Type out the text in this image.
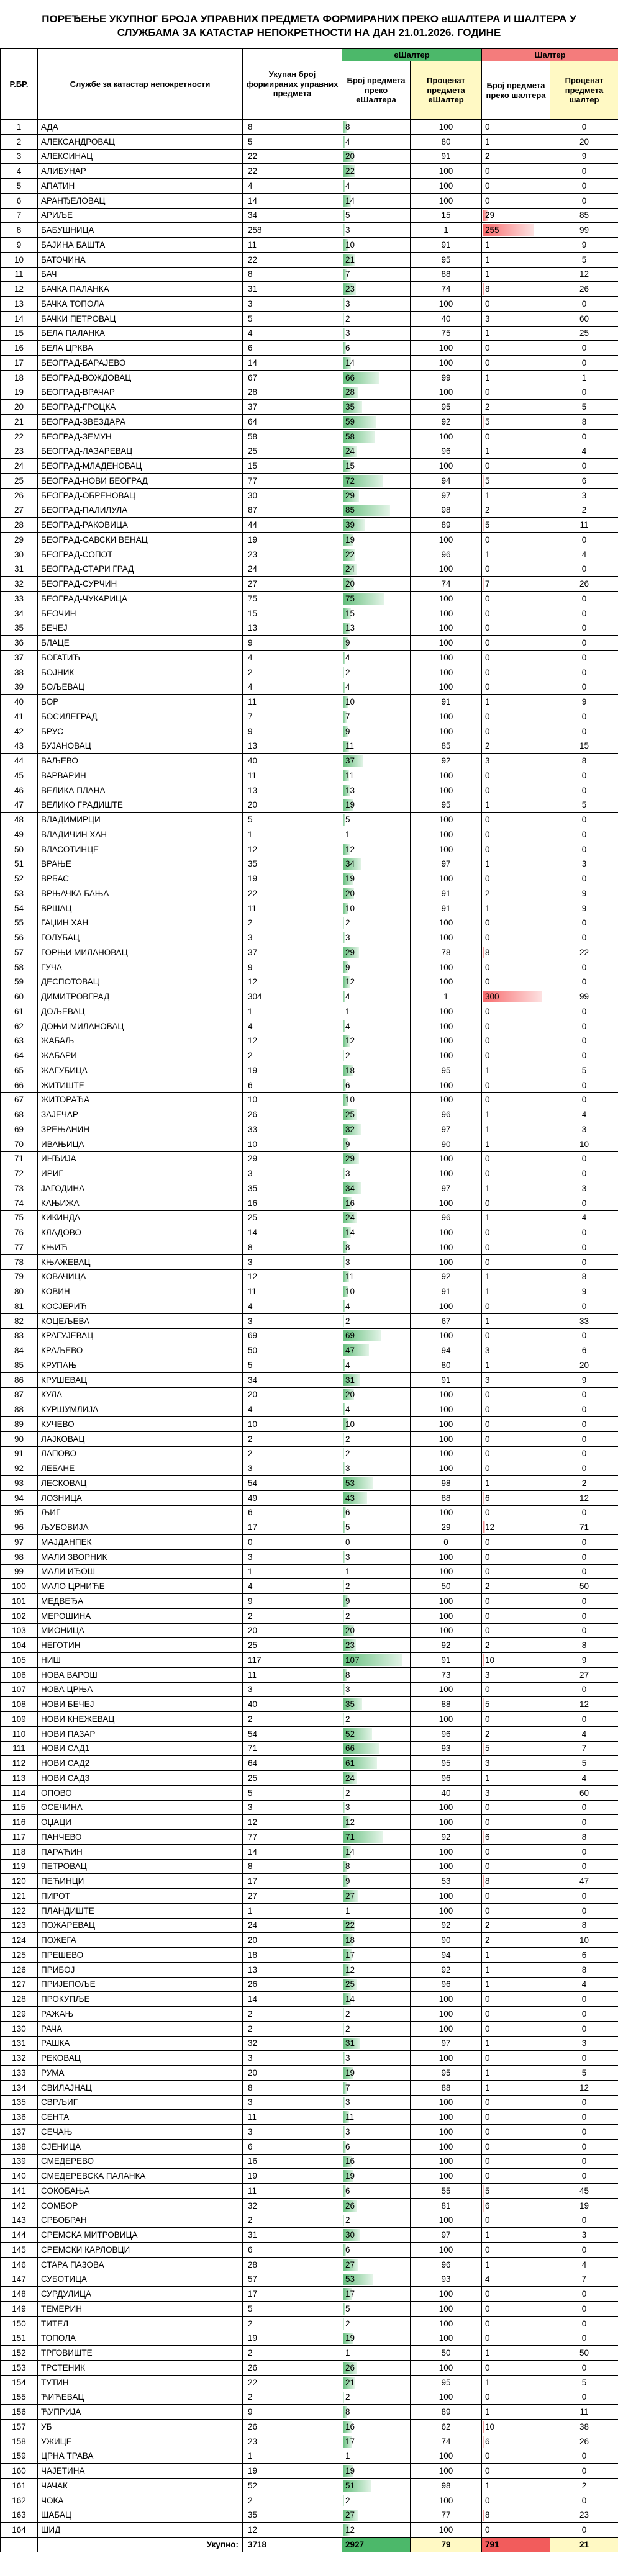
ПОРЕЂЕЊЕ УКУПНОГ БРОЈА УПРАВНИХ ПРЕДМЕТА ФОРМИРАНИХ ПРЕКО еШАЛТЕРА И ШАЛТЕРА У СЛУЖБАМА ЗА КАТАСТАР НЕПОКРЕТНОСТИ НА ДАН 21.01.2026. ГОДИНЕ
Р.БР.	Службе за катастар непокретности	Укупан број формираних управних предмета	еШалтер		Шалтер	
			Број предмета преко еШалтера	Проценат предмета еШалтер	Број предмета преко шалтера	Проценат предмета шалтер
1	АДА	8	8	100	0	0
2	АЛЕКСАНДРОВАЦ	5	4	80	1	20
3	АЛЕКСИНАЦ	22	20	91	2	9
4	АЛИБУНАР	22	22	100	0	0
5	АПАТИН	4	4	100	0	0
6	АРАНЂЕЛОВАЦ	14	14	100	0	0
7	АРИЉЕ	34	5	15	29	85
8	БАБУШНИЦА	258	3	1	255	99
9	БАЈИНА БАШТА	11	10	91	1	9
10	БАТОЧИНА	22	21	95	1	5
11	БАЧ	8	7	88	1	12
12	БАЧКА ПАЛАНКА	31	23	74	8	26
13	БАЧКА ТОПОЛА	3	3	100	0	0
14	БАЧКИ ПЕТРОВАЦ	5	2	40	3	60
15	БЕЛА ПАЛАНКА	4	3	75	1	25
16	БЕЛА ЦРКВА	6	6	100	0	0
17	БЕОГРАД-БАРАЈЕВО	14	14	100	0	0
18	БЕОГРАД-ВОЖДОВАЦ	67	66	99	1	1
19	БЕОГРАД-ВРАЧАР	28	28	100	0	0
20	БЕОГРАД-ГРОЦКА	37	35	95	2	5
21	БЕОГРАД-ЗВЕЗДАРА	64	59	92	5	8
22	БЕОГРАД-ЗЕМУН	58	58	100	0	0
23	БЕОГРАД-ЛАЗАРЕВАЦ	25	24	96	1	4
24	БЕОГРАД-МЛАДЕНОВАЦ	15	15	100	0	0
25	БЕОГРАД-НОВИ БЕОГРАД	77	72	94	5	6
26	БЕОГРАД-ОБРЕНОВАЦ	30	29	97	1	3
27	БЕОГРАД-ПАЛИЛУЛА	87	85	98	2	2
28	БЕОГРАД-РАКОВИЦА	44	39	89	5	11
29	БЕОГРАД-САВСКИ ВЕНАЦ	19	19	100	0	0
30	БЕОГРАД-СОПОТ	23	22	96	1	4
31	БЕОГРАД-СТАРИ ГРАД	24	24	100	0	0
32	БЕОГРАД-СУРЧИН	27	20	74	7	26
33	БЕОГРАД-ЧУКАРИЦА	75	75	100	0	0
34	БЕОЧИН	15	15	100	0	0
35	БЕЧЕЈ	13	13	100	0	0
36	БЛАЦЕ	9	9	100	0	0
37	БОГАТИЋ	4	4	100	0	0
38	БОЈНИК	2	2	100	0	0
39	БОЉЕВАЦ	4	4	100	0	0
40	БОР	11	10	91	1	9
41	БОСИЛЕГРАД	7	7	100	0	0
42	БРУС	9	9	100	0	0
43	БУЈАНОВАЦ	13	11	85	2	15
44	ВАЉЕВО	40	37	92	3	8
45	ВАРВАРИН	11	11	100	0	0
46	ВЕЛИКА ПЛАНА	13	13	100	0	0
47	ВЕЛИКО ГРАДИШТЕ	20	19	95	1	5
48	ВЛАДИМИРЦИ	5	5	100	0	0
49	ВЛАДИЧИН ХАН	1	1	100	0	0
50	ВЛАСОТИНЦЕ	12	12	100	0	0
51	ВРАЊЕ	35	34	97	1	3
52	ВРБАС	19	19	100	0	0
53	ВРЊАЧКА БАЊА	22	20	91	2	9
54	ВРШАЦ	11	10	91	1	9
55	ГАЏИН ХАН	2	2	100	0	0
56	ГОЛУБАЦ	3	3	100	0	0
57	ГОРЊИ МИЛАНОВАЦ	37	29	78	8	22
58	ГУЧА	9	9	100	0	0
59	ДЕСПОТОВАЦ	12	12	100	0	0
60	ДИМИТРОВГРАД	304	4	1	300	99
61	ДОЉЕВАЦ	1	1	100	0	0
62	ДОЊИ МИЛАНОВАЦ	4	4	100	0	0
63	ЖАБАЉ	12	12	100	0	0
64	ЖАБАРИ	2	2	100	0	0
65	ЖАГУБИЦА	19	18	95	1	5
66	ЖИТИШТЕ	6	6	100	0	0
67	ЖИТОРАЂА	10	10	100	0	0
68	ЗАЈЕЧАР	26	25	96	1	4
69	ЗРЕЊАНИН	33	32	97	1	3
70	ИВАЊИЦА	10	9	90	1	10
71	ИНЂИЈА	29	29	100	0	0
72	ИРИГ	3	3	100	0	0
73	ЈАГОДИНА	35	34	97	1	3
74	КАЊИЖА	16	16	100	0	0
75	КИКИНДА	25	24	96	1	4
76	КЛАДОВО	14	14	100	0	0
77	КЊИЋ	8	8	100	0	0
78	КЊАЖЕВАЦ	3	3	100	0	0
79	КОВАЧИЦА	12	11	92	1	8
80	КОВИН	11	10	91	1	9
81	КОСЈЕРИЋ	4	4	100	0	0
82	КОЦЕЉЕВА	3	2	67	1	33
83	КРАГУЈЕВАЦ	69	69	100	0	0
84	КРАЉЕВО	50	47	94	3	6
85	КРУПАЊ	5	4	80	1	20
86	КРУШЕВАЦ	34	31	91	3	9
87	КУЛА	20	20	100	0	0
88	КУРШУМЛИЈА	4	4	100	0	0
89	КУЧЕВО	10	10	100	0	0
90	ЛАЈКОВАЦ	2	2	100	0	0
91	ЛАПОВО	2	2	100	0	0
92	ЛЕБАНЕ	3	3	100	0	0
93	ЛЕСКОВАЦ	54	53	98	1	2
94	ЛОЗНИЦА	49	43	88	6	12
95	ЉИГ	6	6	100	0	0
96	ЉУБОВИЈА	17	5	29	12	71
97	МАЈДАНПЕК	0	0	0	0	0
98	МАЛИ ЗВОРНИК	3	3	100	0	0
99	МАЛИ ИЂОШ	1	1	100	0	0
100	МАЛО ЦРНИЋЕ	4	2	50	2	50
101	МЕДВЕЂА	9	9	100	0	0
102	МЕРОШИНА	2	2	100	0	0
103	МИОНИЦА	20	20	100	0	0
104	НЕГОТИН	25	23	92	2	8
105	НИШ	117	107	91	10	9
106	НОВА ВАРОШ	11	8	73	3	27
107	НОВА ЦРЊА	3	3	100	0	0
108	НОВИ БЕЧЕЈ	40	35	88	5	12
109	НОВИ КНЕЖЕВАЦ	2	2	100	0	0
110	НОВИ ПАЗАР	54	52	96	2	4
111	НОВИ САД1	71	66	93	5	7
112	НОВИ САД2	64	61	95	3	5
113	НОВИ САД3	25	24	96	1	4
114	ОПОВО	5	2	40	3	60
115	ОСЕЧИНА	3	3	100	0	0
116	ОЏАЦИ	12	12	100	0	0
117	ПАНЧЕВО	77	71	92	6	8
118	ПАРАЋИН	14	14	100	0	0
119	ПЕТРОВАЦ	8	8	100	0	0
120	ПЕЋИНЦИ	17	9	53	8	47
121	ПИРОТ	27	27	100	0	0
122	ПЛАНДИШТЕ	1	1	100	0	0
123	ПОЖАРЕВАЦ	24	22	92	2	8
124	ПОЖЕГА	20	18	90	2	10
125	ПРЕШЕВО	18	17	94	1	6
126	ПРИБОЈ	13	12	92	1	8
127	ПРИЈЕПОЉЕ	26	25	96	1	4
128	ПРОКУПЉЕ	14	14	100	0	0
129	РАЖАЊ	2	2	100	0	0
130	РАЧА	2	2	100	0	0
131	РАШКА	32	31	97	1	3
132	РЕКОВАЦ	3	3	100	0	0
133	РУМА	20	19	95	1	5
134	СВИЛАЈНАЦ	8	7	88	1	12
135	СВРЉИГ	3	3	100	0	0
136	СЕНТА	11	11	100	0	0
137	СЕЧАЊ	3	3	100	0	0
138	СЈЕНИЦА	6	6	100	0	0
139	СМЕДЕРЕВО	16	16	100	0	0
140	СМЕДЕРЕВСКА ПАЛАНКА	19	19	100	0	0
141	СОКОБАЊА	11	6	55	5	45
142	СОМБОР	32	26	81	6	19
143	СРБОБРАН	2	2	100	0	0
144	СРЕМСКА МИТРОВИЦА	31	30	97	1	3
145	СРЕМСКИ КАРЛОВЦИ	6	6	100	0	0
146	СТАРА ПАЗОВА	28	27	96	1	4
147	СУБОТИЦА	57	53	93	4	7
148	СУРДУЛИЦА	17	17	100	0	0
149	ТЕМЕРИН	5	5	100	0	0
150	ТИТЕЛ	2	2	100	0	0
151	ТОПОЛА	19	19	100	0	0
152	ТРГОВИШТЕ	2	1	50	1	50
153	ТРСТЕНИК	26	26	100	0	0
154	ТУТИН	22	21	95	1	5
155	ЋИЋЕВАЦ	2	2	100	0	0
156	ЋУПРИЈА	9	8	89	1	11
157	УБ	26	16	62	10	38
158	УЖИЦЕ	23	17	74	6	26
159	ЦРНА ТРАВА	1	1	100	0	0
160	ЧАЈЕТИНА	19	19	100	0	0
161	ЧАЧАК	52	51	98	1	2
162	ЧОКА	2	2	100	0	0
163	ШАБАЦ	35	27	77	8	23
164	ШИД	12	12	100	0	0
	Укупно:	3718	2927	79	791	21
